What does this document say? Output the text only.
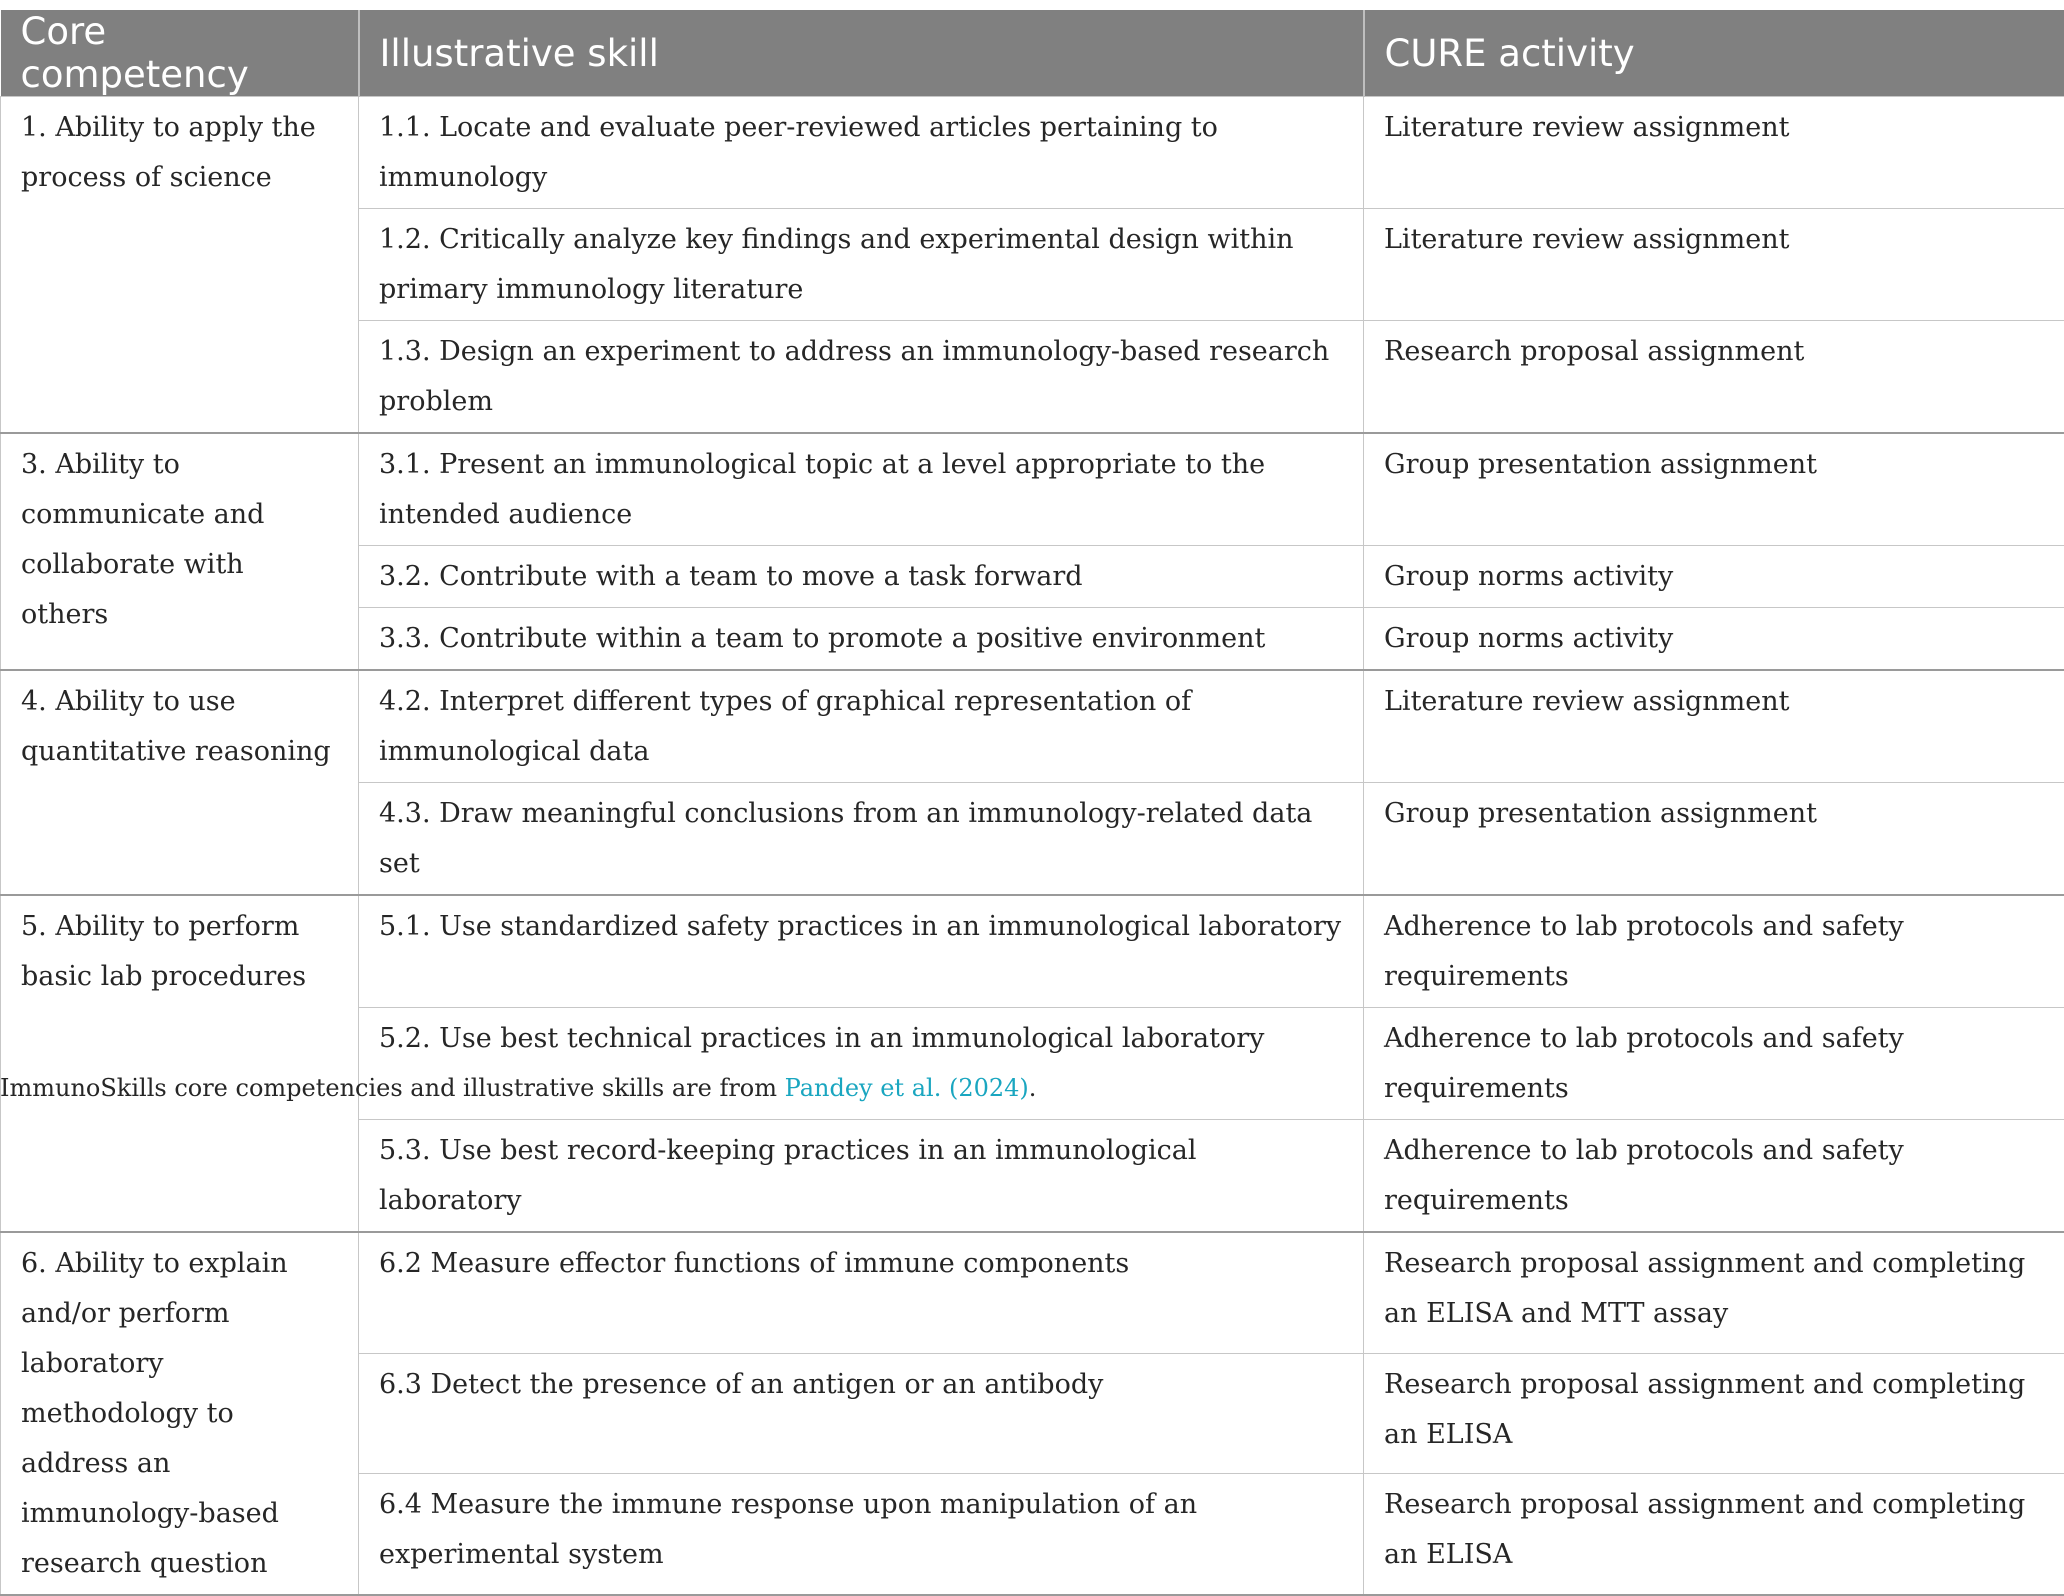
Core competency	Illustrative skill	CURE activity
1. Ability to apply the process of science	1.1. Locate and evaluate peer-reviewed articles pertaining to immunology	Literature review assignment
	1.2. Critically analyze key findings and experimental design within primary immunology literature	Literature review assignment
	1.3. Design an experiment to address an immunology-based research problem	Research proposal assignment
3. Ability to communicate and collaborate with others	3.1. Present an immunological topic at a level appropriate to the intended audience	Group presentation assignment
	3.2. Contribute with a team to move a task forward	Group norms activity
	3.3. Contribute within a team to promote a positive environment	Group norms activity
4. Ability to use quantitative reasoning	4.2. Interpret different types of graphical representation of immunological data	Literature review assignment
	4.3. Draw meaningful conclusions from an immunology-related data set	Group presentation assignment
5. Ability to perform basic lab procedures	5.1. Use standardized safety practices in an immunological laboratory	Adherence to lab protocols and safety requirements
	5.2. Use best technical practices in an immunological laboratory	Adherence to lab protocols and safety requirements
	5.3. Use best record-keeping practices in an immunological laboratory	Adherence to lab protocols and safety requirements
6. Ability to explain and/or perform laboratory methodology to address an immunology-based research question	6.2 Measure effector functions of immune components	Research proposal assignment and completing an ELISA and MTT assay
	6.3 Detect the presence of an antigen or an antibody	Research proposal assignment and completing an ELISA
	6.4 Measure the immune response upon manipulation of an experimental system	Research proposal assignment and completing an ELISA
ImmunoSkills core competencies and illustrative skills are from Pandey et al. (2024).
